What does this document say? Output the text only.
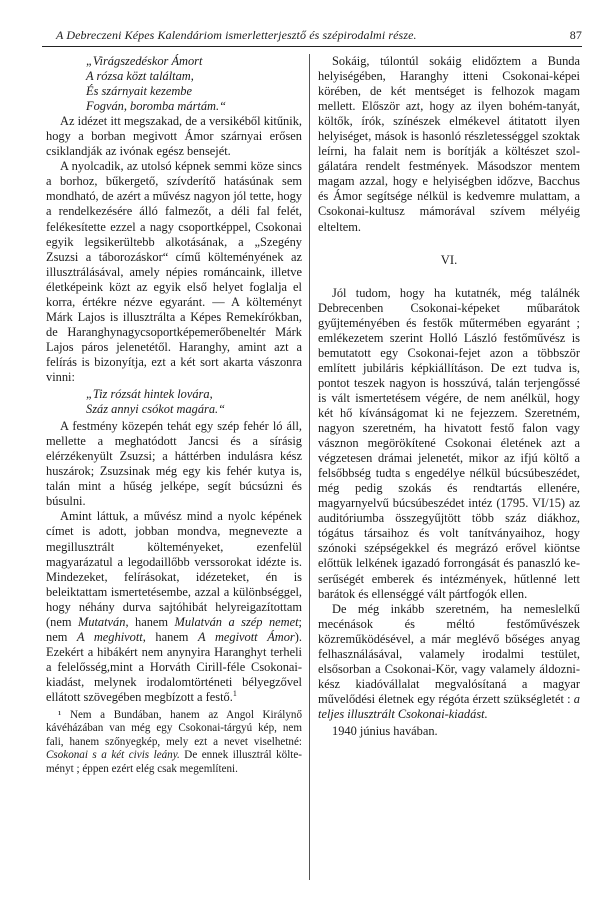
A Debreczeni Képes Kalendáriom ismerletterjesztő és szépirodalmi része.	87
„Virágszedéskor Ámort
A rózsa közt találtam,
És szárnyait kezembe
Fogván, boromba mártám.“

Az idézet itt megszakad, de a versikéből kitűnik, hogy a borban megivott Ámor szárnyai erősen csiklandják az ivónak egész bensejét.

A nyolcadik, az utolsó képnek semmi köze sincs a borhoz, bűkergető, szívderítő hatásúnak sem mondható, de azért a művész nagyon jól tette, hogy a rendelkezésére álló falmezőt, a déli fal felét, felékesítette ezzel a nagy csoportképpel, Csokonai egyik legsikerültebb alkotásának, a „Szegény Zsuzsi a táborozáskor“ című költeményének az illusztrálásával, amely népies románcaink, illetve életképeink közt az egyik első helyet foglalja el korra, értékre nézve egyaránt. — A költeményt Márk Lajos is illusztrálta a Képes Remekírókban, de Haranghynagycsoportképemerőbeneltér Márk Lajos páros jelenetétől. Haranghy, amint azt a felírás is bizonyítja, ezt a két sort akarta vászonra vinni:

„Tiz rózsát hintek lovára,
Száz annyi csókot magára.“

A festmény közepén tehát egy szép fehér ló áll, mellette a meghatódott Jancsi és a sírásig elérzékenyült Zsuzsi; a háttérben indulásra kész huszárok; Zsuzsinak még egy kis fehér kutya is, talán mint a hűség jelképe, segít búcsúzni és búsulni.

Amint láttuk, a művész mind a nyolc képének címet is adott, jobban mondva, megnevezte a megillusztrált költeményeket, ezenfelül magyarázatul a legodaillőbb verssorokat idézte is. Mindezeket, felírásokat, idézeteket, én is beleiktattam ismertetésembe, azzal a különbséggel, hogy néhány durva sajtóhibát helyreigazítottam (nem Mutatván, hanem Mulatván a szép nemet; nem A meghivott, hanem A megivott Ámor). Ezekért a hibákért nem anynyira Haranghyt terheli a felelősség,mint a Horváth Cirill-féle Csokonai-kiadást, melynek irodalomtörténeti bélyegzővel ellátott szövegében megbízott a festő.$^1$

¹ Nem a Bundában, hanem az Angol Királynő kávéházában van még egy Csokonai-tárgyú kép, nem fali, hanem szőnyegkép, mely ezt a nevet viselhetné: Csokonai s a két civis leány. De ennek illusztrál költeményt ; éppen ezért elég csak megemlíteni.

Sokáig, túlontúl sokáig elidőztem a Bunda helyiségében, Haranghy itteni Csokonai-képei körében, de két mentséget is felhozok magam mellett. Először azt, hogy az ilyen bohém-tanyát, költők, írók, színészek elmékevel átitatott ilyen helyiséget, mások is hasonló részletességgel szoktak leírni, ha falait nem is borítják a költészet szolgálatára rendelt festmények. Másodszor mentem magam azzal, hogy e helyiségben időzve, Bacchus és Ámor segítsége nélkül is kedvemre mulattam, a Csokonai-kultusz mámorával szívem mélyéig elteltem.

VI.

Jól tudom, hogy ha kutatnék, még találnék Debrecenben Csokonai-képeket műbarátok gyűjteményében és festők műtermében egyaránt ; emlékezetem szerint Holló László festőművész is bemutatott egy Csokonai-fejet azon a többször említett jubiláris képkiállításon. De ezt tudva is, pontot teszek nagyon is hosszúvá, talán terjengőssé is vált ismertetésem végére, de nem anélkül, hogy két hő kívánságomat ki ne fejezzem. Szeretném, nagyon szeretném, ha hivatott festő falon vagy vásznon megörökítené Csokonai életének azt a végzetesen drámai jelenetét, mikor az ifjú költő a felsőbbség tudta s engedélye nélkül búcsúbeszédet, még pedig szokás és rendtartás ellenére, magyarnyelvű búcsúbeszédet intéz (1795. VI/15) az auditóriumba összegyűjtött több száz diákhoz, tógátus társaihoz és volt tanítványaihoz, hogy szónoki szépségekkel és megrázó erővel kiöntse előttük lelkének igazadó forrongását és panaszló keserűségét emberek és intézmények, hűtlenné lett barátok és ellenséggé vált pártfogók ellen.

De még inkább szeretném, ha nemeslelkű mecénások és méltó festőművészek közreműködésével, a már meglévő bőséges anyag felhasználásával, valamely irodalmi testület, elsősorban a Csokonai-Kör, vagy valamely áldoznikész kiadóvállalat megvalósítaná a magyar művelődési életnek egy régóta érzett szükségletét : a teljes illusztrált Csokonai-kiadást.

1940 június havában.
